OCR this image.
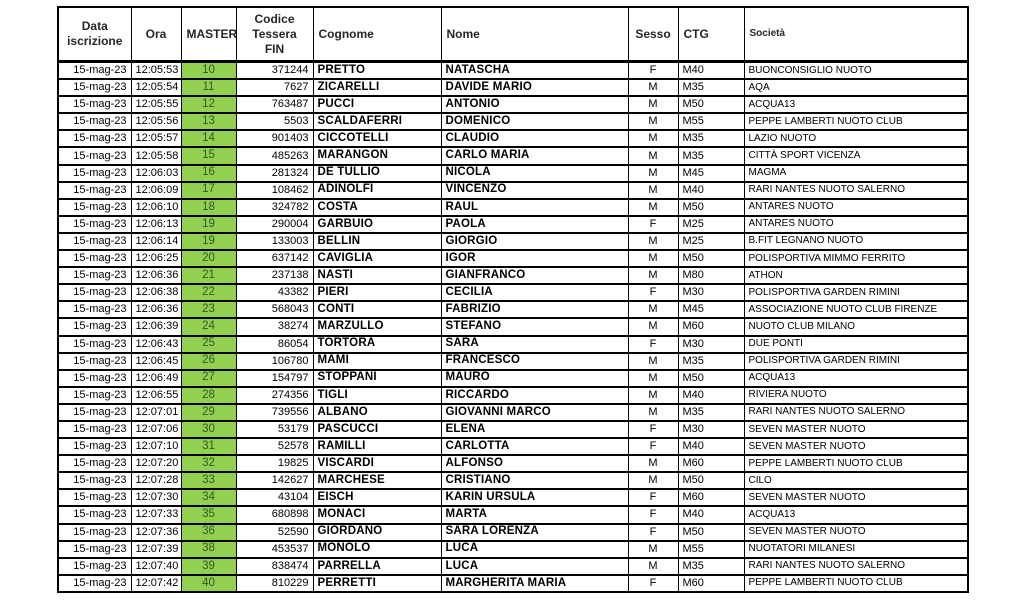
Data iscrizione	Ora	MASTER	Codice Tessera FIN	Cognome	Nome	Sesso	CTG	Società
15-mag-23	12:05:53	10	371244	PRETTO	NATASCHA	F	M40	BUONCONSIGLIO NUOTO
15-mag-23	12:05:54	11	7627	ZICARELLI	DAVIDE MARIO	M	M35	AQA
15-mag-23	12:05:55	12	763487	PUCCI	ANTONIO	M	M50	ACQUA13
15-mag-23	12:05:56	13	5503	SCALDAFERRI	DOMENICO	M	M55	PEPPE LAMBERTI NUOTO CLUB
15-mag-23	12:05:57	14	901403	CICCOTELLI	CLAUDIO	M	M35	LAZIO NUOTO
15-mag-23	12:05:58	15	485263	MARANGON	CARLO MARIA	M	M35	CITTÀ SPORT VICENZA
15-mag-23	12:06:03	16	281324	DE TULLIO	NICOLA	M	M45	MAGMA
15-mag-23	12:06:09	17	108462	ADINOLFI	VINCENZO	M	M40	RARI NANTES NUOTO SALERNO
15-mag-23	12:06:10	18	324782	COSTA	RAUL	M	M50	ANTARES NUOTO
15-mag-23	12:06:13	19	290004	GARBUIO	PAOLA	F	M25	ANTARES NUOTO
15-mag-23	12:06:14	19	133003	BELLIN	GIORGIO	M	M25	B.FIT LEGNANO NUOTO
15-mag-23	12:06:25	20	637142	CAVIGLIA	IGOR	M	M50	POLISPORTIVA MIMMO FERRITO
15-mag-23	12:06:36	21	237138	NASTI	GIANFRANCO	M	M80	ATHON
15-mag-23	12:06:38	22	43382	PIERI	CECILIA	F	M30	POLISPORTIVA GARDEN RIMINI
15-mag-23	12:06:36	23	568043	CONTI	FABRIZIO	M	M45	ASSOCIAZIONE NUOTO CLUB FIRENZE
15-mag-23	12:06:39	24	38274	MARZULLO	STEFANO	M	M60	NUOTO CLUB MILANO
15-mag-23	12:06:43	25	86054	TORTORA	SARA	F	M30	DUE PONTI
15-mag-23	12:06:45	26	106780	MAMI	FRANCESCO	M	M35	POLISPORTIVA GARDEN RIMINI
15-mag-23	12:06:49	27	154797	STOPPANI	MAURO	M	M50	ACQUA13
15-mag-23	12:06:55	28	274356	TIGLI	RICCARDO	M	M40	RIVIERA NUOTO
15-mag-23	12:07:01	29	739556	ALBANO	GIOVANNI MARCO	M	M35	RARI NANTES NUOTO SALERNO
15-mag-23	12:07:06	30	53179	PASCUCCI	ELENA	F	M30	SEVEN MASTER NUOTO
15-mag-23	12:07:10	31	52578	RAMILLI	CARLOTTA	F	M40	SEVEN MASTER NUOTO
15-mag-23	12:07:20	32	19825	VISCARDI	ALFONSO	M	M60	PEPPE LAMBERTI NUOTO CLUB
15-mag-23	12:07:28	33	142627	MARCHESE	CRISTIANO	M	M50	CILO
15-mag-23	12:07:30	34	43104	EISCH	KARIN URSULA	F	M60	SEVEN MASTER NUOTO
15-mag-23	12:07:33	35	680898	MONACI	MARTA	F	M40	ACQUA13
15-mag-23	12:07:36	36	52590	GIORDANO	SARA LORENZA	F	M50	SEVEN MASTER NUOTO
15-mag-23	12:07:39	38	453537	MONOLO	LUCA	M	M55	NUOTATORI MILANESI
15-mag-23	12:07:40	39	838474	PARRELLA	LUCA	M	M35	RARI NANTES NUOTO SALERNO
15-mag-23	12:07:42	40	810229	PERRETTI	MARGHERITA MARIA	F	M60	PEPPE LAMBERTI NUOTO CLUB
